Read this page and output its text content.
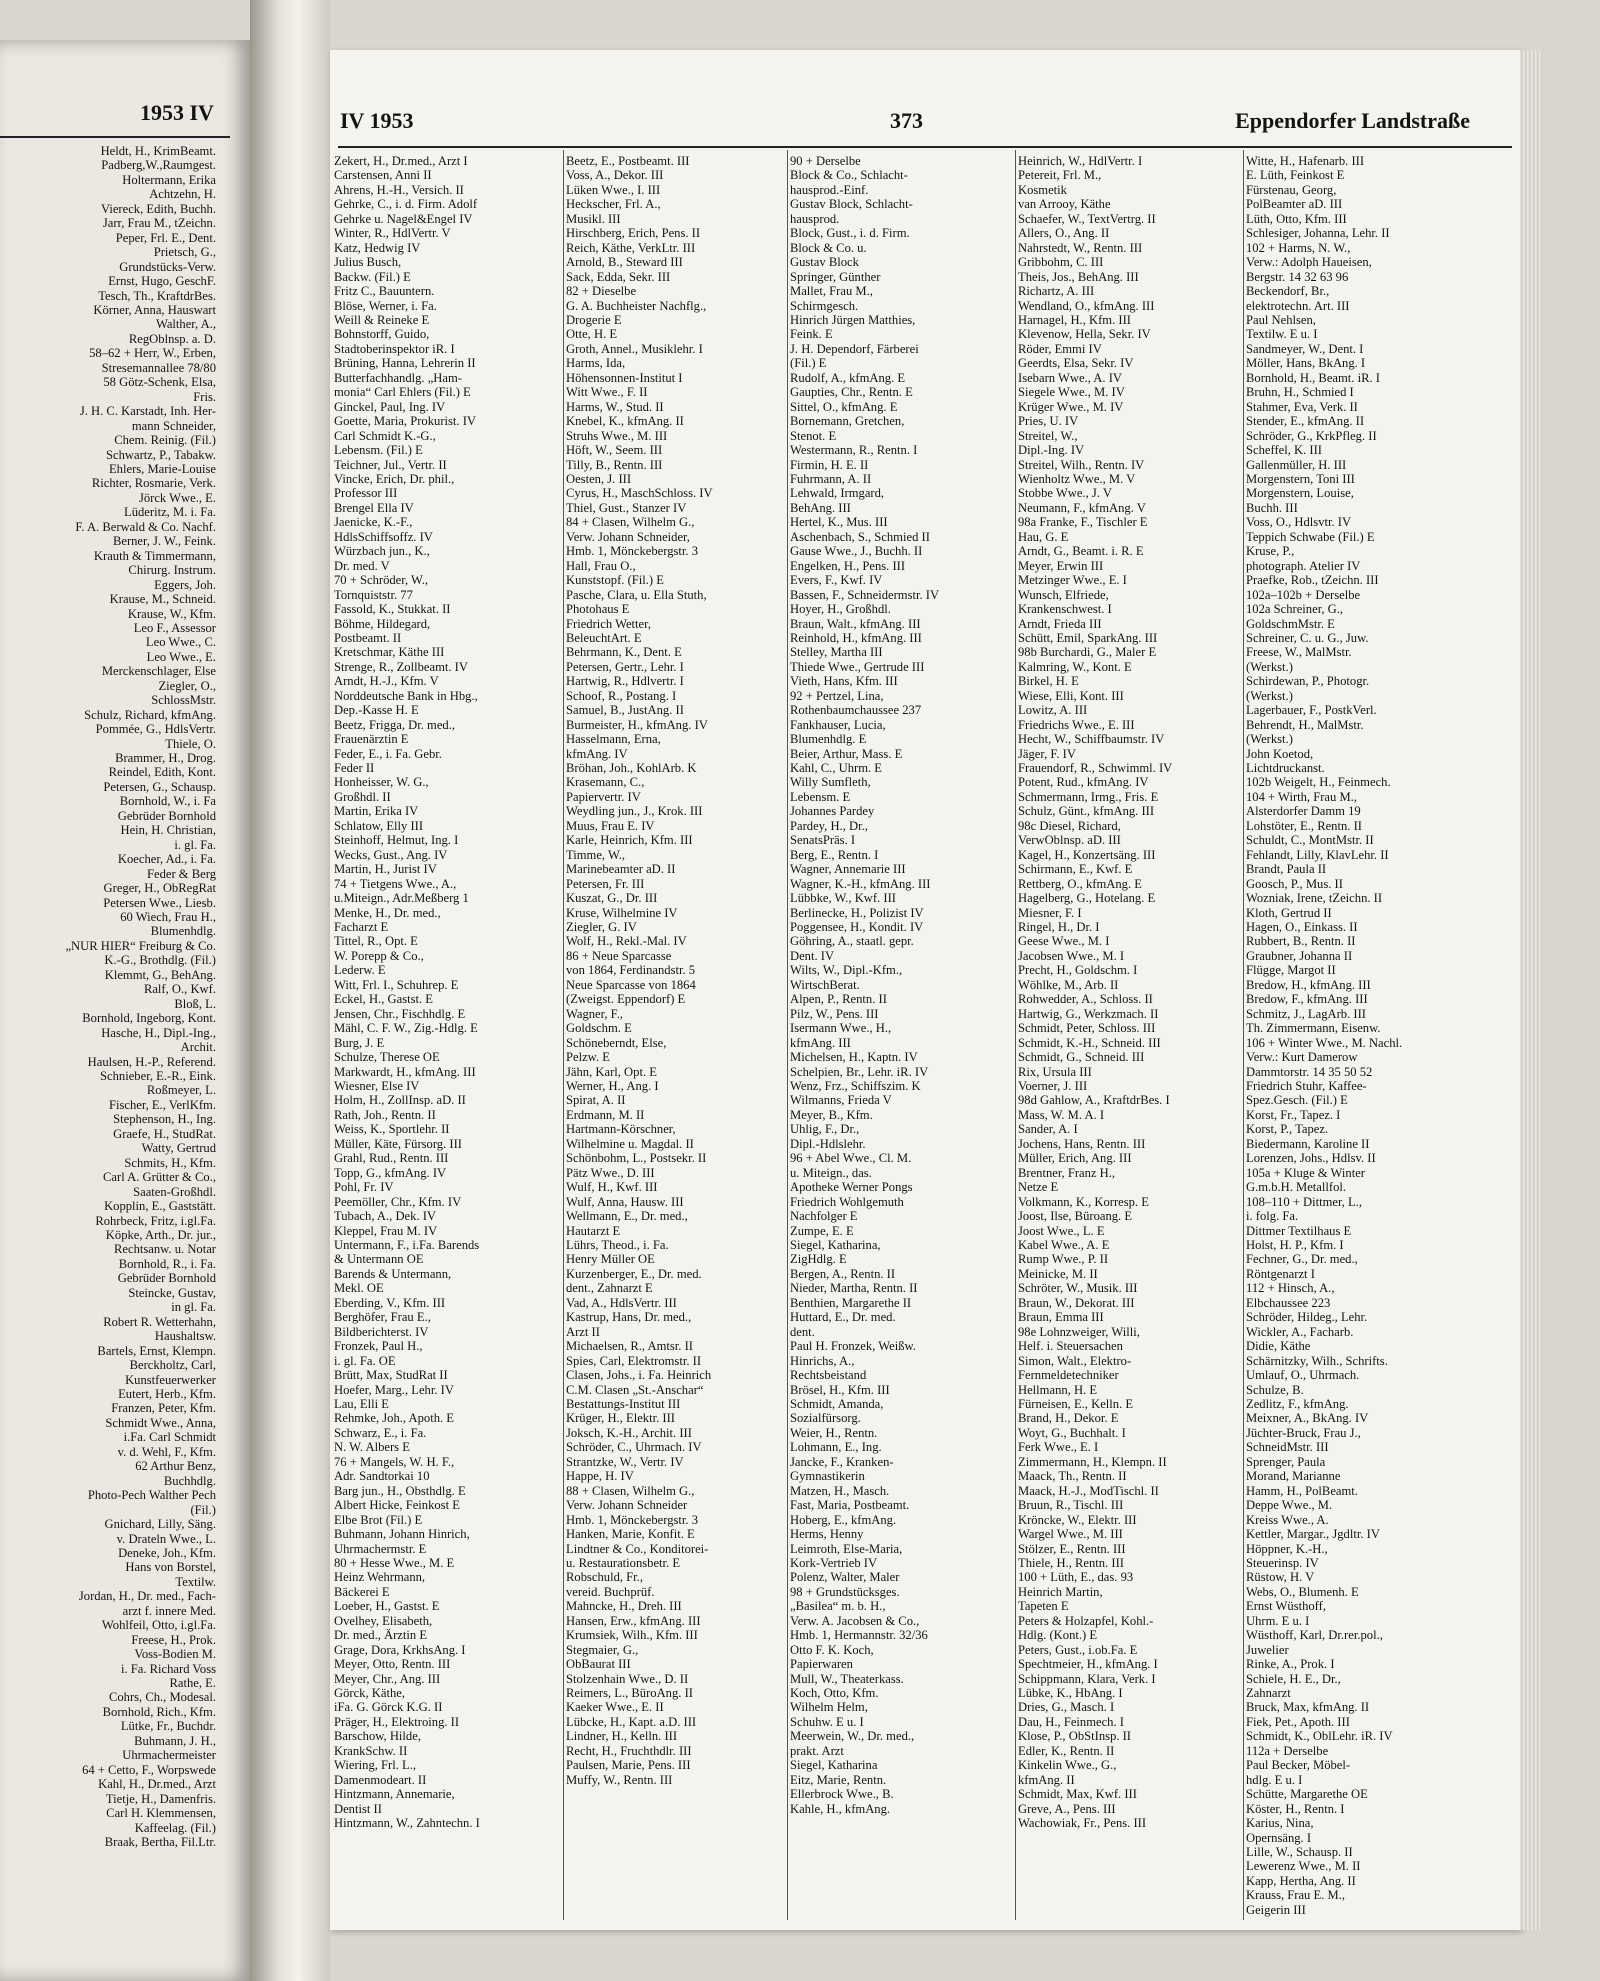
1953 IV
Heldt, H., KrimBeamt.
Padberg,W.,Raumgest.
Holtermann, Erika
Achtzehn, H.
Viereck, Edith, Buchh.
Jarr, Frau M., tZeichn.
Peper, Frl. E., Dent.
Prietsch, G.,
Grundstücks-Verw.
Ernst, Hugo, GeschF.
Tesch, Th., KraftdrBes.
Körner, Anna, Hauswart
Walther, A.,
RegOblnsp. a. D.
58–62 + Herr, W., Erben,
Stresemannallee 78/80
58 Götz-Schenk, Elsa,
Fris.
J. H. C. Karstadt, Inh. Her-
mann Schneider,
Chem. Reinig. (Fil.)
Schwartz, P., Tabakw.
Ehlers, Marie-Louise
Richter, Rosmarie, Verk.
Jörck Wwe., E.
Lüderitz, M. i. Fa.
F. A. Berwald & Co. Nachf.
Berner, J. W., Feink.
Krauth & Timmermann,
Chirurg. Instrum.
Eggers, Joh.
Krause, M., Schneid.
Krause, W., Kfm.
Leo F., Assessor
Leo Wwe., C.
Leo Wwe., E.
Merckenschlager, Else
Ziegler, O.,
SchlossMstr.
Schulz, Richard, kfmAng.
Pommée, G., HdlsVertr.
Thiele, O.
Brammer, H., Drog.
Reindel, Edith, Kont.
Petersen, G., Schausp.
Bornhold, W., i. Fa
Gebrüder Bornhold
Hein, H. Christian,
i. gl. Fa.
Koecher, Ad., i. Fa.
Feder & Berg
Greger, H., ObRegRat
Petersen Wwe., Liesb.
60 Wiech, Frau H.,
Blumenhdlg.
„NUR HIER“ Freiburg & Co.
K.-G., Brothdlg. (Fil.)
Klemmt, G., BehAng.
Ralf, O., Kwf.
Bloß, L.
Bornhold, Ingeborg, Kont.
Hasche, H., Dipl.-Ing.,
Archit.
Haulsen, H.-P., Referend.
Schnieber, E.-R., Eink.
Roßmeyer, L.
Fischer, E., VerlKfm.
Stephenson, H., Ing.
Graefe, H., StudRat.
Watty, Gertrud
Schmits, H., Kfm.
Carl A. Grütter & Co.,
Saaten-Großhdl.
Kopplin, E., Gaststätt.
Rohrbeck, Fritz, i.gl.Fa.
Köpke, Arth., Dr. jur.,
Rechtsanw. u. Notar
Bornhold, R., i. Fa.
Gebrüder Bornhold
Steincke, Gustav,
in gl. Fa.
Robert R. Wetterhahn,
Haushaltsw.
Bartels, Ernst, Klempn.
Berckholtz, Carl,
Kunstfeuerwerker
Eutert, Herb., Kfm.
Franzen, Peter, Kfm.
Schmidt Wwe., Anna,
i.Fa. Carl Schmidt
v. d. Wehl, F., Kfm.
62 Arthur Benz,
Buchhdlg.
Photo-Pech Walther Pech
(Fil.)
Gnichard, Lilly, Säng.
v. Drateln Wwe., L.
Deneke, Joh., Kfm.
Hans von Borstel,
Textilw.
Jordan, H., Dr. med., Fach-
arzt f. innere Med.
Wohlfeil, Otto, i.gl.Fa.
Freese, H., Prok.
Voss-Bodien M.
i. Fa. Richard Voss
Rathe, E.
Cohrs, Ch., Modesal.
Bornhold, Rich., Kfm.
Lütke, Fr., Buchdr.
Buhmann, J. H.,
Uhrmachermeister
64 + Cetto, F., Worpswede
Kahl, H., Dr.med., Arzt
Tietje, H., Damenfris.
Carl H. Klemmensen,
Kaffeelag. (Fil.)
Braak, Bertha, Fil.Ltr.
IV 1953	373	Eppendorfer Landstraße
Zekert, H., Dr.med., Arzt I
Carstensen, Anni II
Ahrens, H.-H., Versich. II
Gehrke, C., i. d. Firm. Adolf
Gehrke u. Nagel&Engel IV
Winter, R., HdlVertr. V
Katz, Hedwig IV
Julius Busch,
Backw. (Fil.) E
Fritz C., Bauuntern.
Blöse, Werner, i. Fa.
Weill & Reineke E
Bohnstorff, Guido,
Stadtoberinspektor iR. I
Brüning, Hanna, Lehrerin II
Butterfachhandlg. „Ham-
monia“ Carl Ehlers (Fil.) E
Ginckel, Paul, Ing. IV
Goette, Maria, Prokurist. IV
Carl Schmidt K.-G.,
Lebensm. (Fil.) E
Teichner, Jul., Vertr. II
Vincke, Erich, Dr. phil.,
Professor III
Brengel Ella IV
Jaenicke, K.-F.,
HdlsSchiffsoffz. IV
Würzbach jun., K.,
Dr. med. V
70 + Schröder, W.,
Tornquiststr. 77
Fassold, K., Stukkat. II
Böhme, Hildegard,
Postbeamt. II
Kretschmar, Käthe III
Strenge, R., Zollbeamt. IV
Arndt, H.-J., Kfm. V
Norddeutsche Bank in Hbg.,
Dep.-Kasse H. E
Beetz, Frigga, Dr. med.,
Frauenärztin E
Feder, E., i. Fa. Gebr.
Feder II
Honheisser, W. G.,
Großhdl. II
Martin, Erika IV
Schlatow, Elly III
Steinhoff, Helmut, Ing. I
Wecks, Gust., Ang. IV
Martin, H., Jurist IV
74 + Tietgens Wwe., A.,
u.Miteign., Adr.Meßberg 1
Menke, H., Dr. med.,
Facharzt E
Tittel, R., Opt. E
W. Porepp & Co.,
Lederw. E
Witt, Frl. I., Schuhrep. E
Eckel, H., Gastst. E
Jensen, Chr., Fischhdlg. E
Mähl, C. F. W., Zig.-Hdlg. E
Burg, J. E
Schulze, Therese OE
Markwardt, H., kfmAng. III
Wiesner, Else IV
Holm, H., ZollInsp. aD. II
Rath, Joh., Rentn. II
Weiss, K., Sportlehr. II
Müller, Käte, Fürsorg. III
Grahl, Rud., Rentn. III
Topp, G., kfmAng. IV
Pohl, Fr. IV
Peemöller, Chr., Kfm. IV
Tubach, A., Dek. IV
Kleppel, Frau M. IV
Untermann, F., i.Fa. Barends
& Untermann OE
Barends & Untermann,
Mekl. OE
Eberding, V., Kfm. III
Berghöfer, Frau E.,
Bildberichterst. IV
Fronzek, Paul H.,
i. gl. Fa. OE
Brütt, Max, StudRat II
Hoefer, Marg., Lehr. IV
Lau, Elli E
Rehmke, Joh., Apoth. E
Schwarz, E., i. Fa.
N. W. Albers E
76 + Mangels, W. H. F.,
Adr. Sandtorkai 10
Barg jun., H., Obsthdlg. E
Albert Hicke, Feinkost E
Elbe Brot (Fil.) E
Buhmann, Johann Hinrich,
Uhrmachermstr. E
80 + Hesse Wwe., M. E
Heinz Wehrmann,
Bäckerei E
Loeber, H., Gastst. E
Ovelhey, Elisabeth,
Dr. med., Ärztin E
Grage, Dora, KrkhsAng. I
Meyer, Otto, Rentn. III
Meyer, Chr., Ang. III
Görck, Käthe,
iFa. G. Görck K.G. II
Präger, H., Elektroing. II
Barschow, Hilde,
KrankSchw. II
Wiering, Frl. L.,
Damenmodeart. II
Hintzmann, Annemarie,
Dentist II
Hintzmann, W., Zahntechn. I
Beetz, E., Postbeamt. III
Voss, A., Dekor. III
Lüken Wwe., I. III
Heckscher, Frl. A.,
Musikl. III
Hirschberg, Erich, Pens. II
Reich, Käthe, VerkLtr. III
Arnold, B., Steward III
Sack, Edda, Sekr. III
82 + Dieselbe
G. A. Buchheister Nachflg.,
Drogerie E
Otte, H. E
Groth, Annel., Musiklehr. I
Harms, Ida,
Höhensonnen-Institut I
Witt Wwe., F. II
Harms, W., Stud. II
Knebel, K., kfmAng. II
Struhs Wwe., M. III
Höft, W., Seem. III
Tilly, B., Rentn. III
Oesten, J. III
Cyrus, H., MaschSchloss. IV
Thiel, Gust., Stanzer IV
84 + Clasen, Wilhelm G.,
Verw. Johann Schneider,
Hmb. 1, Mönckebergstr. 3
Hall, Frau O.,
Kunststopf. (Fil.) E
Pasche, Clara, u. Ella Stuth,
Photohaus E
Friedrich Wetter,
BeleuchtArt. E
Behrmann, K., Dent. E
Petersen, Gertr., Lehr. I
Hartwig, R., Hdlvertr. I
Schoof, R., Postang. I
Samuel, B., JustAng. II
Burmeister, H., kfmAng. IV
Hasselmann, Erna,
kfmAng. IV
Bröhan, Joh., KohlArb. K
Krasemann, C.,
Papiervertr. IV
Weydling jun., J., Krok. III
Muus, Frau E. IV
Karle, Heinrich, Kfm. III
Timme, W.,
Marinebeamter aD. II
Petersen, Fr. III
Kuszat, G., Dr. III
Kruse, Wilhelmine IV
Ziegler, G. IV
Wolf, H., Rekl.-Mal. IV
86 + Neue Sparcasse
von 1864, Ferdinandstr. 5
Neue Sparcasse von 1864
(Zweigst. Eppendorf) E
Wagner, F.,
Goldschm. E
Schöneberndt, Else,
Pelzw. E
Jähn, Karl, Opt. E
Werner, H., Ang. I
Spirat, A. II
Erdmann, M. II
Hartmann-Körschner,
Wilhelmine u. Magdal. II
Schönbohm, L., Postsekr. II
Pätz Wwe., D. III
Wulf, H., Kwf. III
Wulf, Anna, Hausw. III
Wellmann, E., Dr. med.,
Hautarzt E
Lührs, Theod., i. Fa.
Henry Müller OE
Kurzenberger, E., Dr. med.
dent., Zahnarzt E
Vad, A., HdlsVertr. III
Kastrup, Hans, Dr. med.,
Arzt II
Michaelsen, R., Amtsr. II
Spies, Carl, Elektromstr. II
Clasen, Johs., i. Fa. Heinrich
C.M. Clasen „St.-Anschar“
Bestattungs-Institut III
Krüger, H., Elektr. III
Joksch, K.-H., Archit. III
Schröder, C., Uhrmach. IV
Strantzke, W., Vertr. IV
Happe, H. IV
88 + Clasen, Wilhelm G.,
Verw. Johann Schneider
Hmb. 1, Mönckebergstr. 3
Hanken, Marie, Konfit. E
Lindtner & Co., Konditorei-
u. Restaurationsbetr. E
Robschuld, Fr.,
vereid. Buchprüf.
Mahncke, H., Dreh. III
Hansen, Erw., kfmAng. III
Krumsiek, Wilh., Kfm. III
Stegmaier, G.,
ObBaurat III
Stolzenhain Wwe., D. II
Reimers, L., BüroAng. II
Kaeker Wwe., E. II
Lübcke, H., Kapt. a.D. III
Lindner, H., Kelln. III
Recht, H., Fruchthdlr. III
Paulsen, Marie, Pens. III
Muffy, W., Rentn. III
90 + Derselbe
Block & Co., Schlacht-
hausprod.-Einf.
Gustav Block, Schlacht-
hausprod.
Block, Gust., i. d. Firm.
Block & Co. u.
Gustav Block
Springer, Günther
Mallet, Frau M.,
Schirmgesch.
Hinrich Jürgen Matthies,
Feink. E
J. H. Dependorf, Färberei
(Fil.) E
Rudolf, A., kfmAng. E
Gaupties, Chr., Rentn. E
Sittel, O., kfmAng. E
Bornemann, Gretchen,
Stenot. E
Westermann, R., Rentn. I
Firmin, H. E. II
Fuhrmann, A. II
Lehwald, Irmgard,
BehAng. III
Hertel, K., Mus. III
Aschenbach, S., Schmied II
Gause Wwe., J., Buchh. II
Engelken, H., Pens. III
Evers, F., Kwf. IV
Bassen, F., Schneidermstr. IV
Hoyer, H., Großhdl.
Braun, Walt., kfmAng. III
Reinhold, H., kfmAng. III
Stelley, Martha III
Thiede Wwe., Gertrude III
Vieth, Hans, Kfm. III
92 + Pertzel, Lina,
Rothenbaumchaussee 237
Fankhauser, Lucia,
Blumenhdlg. E
Beier, Arthur, Mass. E
Kahl, C., Uhrm. E
Willy Sumfleth,
Lebensm. E
Johannes Pardey
Pardey, H., Dr.,
SenatsPräs. I
Berg, E., Rentn. I
Wagner, Annemarie III
Wagner, K.-H., kfmAng. III
Lübbke, W., Kwf. III
Berlinecke, H., Polizist IV
Poggensee, H., Kondit. IV
Göhring, A., staatl. gepr.
Dent. IV
Wilts, W., Dipl.-Kfm.,
WirtschBerat.
Alpen, P., Rentn. II
Pilz, W., Pens. III
Isermann Wwe., H.,
kfmAng. III
Michelsen, H., Kaptn. IV
Schelpien, Br., Lehr. iR. IV
Wenz, Frz., Schiffszim. K
Wilmanns, Frieda V
Meyer, B., Kfm.
Uhlig, F., Dr.,
Dipl.-Hdlslehr.
96 + Abel Wwe., Cl. M.
u. Miteign., das.
Apotheke Werner Pongs
Friedrich Wohlgemuth
Nachfolger E
Zumpe, E. E
Siegel, Katharina,
ZigHdlg. E
Bergen, A., Rentn. II
Nieder, Martha, Rentn. II
Benthien, Margarethe II
Huttard, E., Dr. med.
dent.
Paul H. Fronzek, Weißw.
Hinrichs, A.,
Rechtsbeistand
Brösel, H., Kfm. III
Schmidt, Amanda,
Sozialfürsorg.
Weier, H., Rentn.
Lohmann, E., Ing.
Jancke, F., Kranken-
Gymnastikerin
Matzen, H., Masch.
Fast, Maria, Postbeamt.
Hoberg, E., kfmAng.
Herms, Henny
Leimroth, Else-Maria,
Kork-Vertrieb IV
Polenz, Walter, Maler
98 + Grundstücksges.
„Basilea“ m. b. H.,
Verw. A. Jacobsen & Co.,
Hmb. 1, Hermannstr. 32/36
Otto F. K. Koch,
Papierwaren
Mull, W., Theaterkass.
Koch, Otto, Kfm.
Wilhelm Helm,
Schuhw. E u. I
Meerwein, W., Dr. med.,
prakt. Arzt
Siegel, Katharina
Eitz, Marie, Rentn.
Ellerbrock Wwe., B.
Kahle, H., kfmAng.
Heinrich, W., HdlVertr. I
Petereit, Frl. M.,
Kosmetik
van Arrooy, Käthe
Schaefer, W., TextVertrg. II
Allers, O., Ang. II
Nahrstedt, W., Rentn. III
Gribbohm, C. III
Theis, Jos., BehAng. III
Richartz, A. III
Wendland, O., kfmAng. III
Harnagel, H., Kfm. III
Klevenow, Hella, Sekr. IV
Röder, Emmi IV
Geerdts, Elsa, Sekr. IV
Isebarn Wwe., A. IV
Siegele Wwe., M. IV
Krüger Wwe., M. IV
Pries, U. IV
Streitel, W.,
Dipl.-Ing. IV
Streitel, Wilh., Rentn. IV
Wienholtz Wwe., M. V
Stobbe Wwe., J. V
Neumann, F., kfmAng. V
98a Franke, F., Tischler E
Hau, G. E
Arndt, G., Beamt. i. R. E
Meyer, Erwin III
Metzinger Wwe., E. I
Wunsch, Elfriede,
Krankenschwest. I
Arndt, Frieda III
Schütt, Emil, SparkAng. III
98b Burchardi, G., Maler E
Kalmring, W., Kont. E
Birkel, H. E
Wiese, Elli, Kont. III
Lowitz, A. III
Friedrichs Wwe., E. III
Hecht, W., Schiffbaumstr. IV
Jäger, F. IV
Frauendorf, R., Schwimml. IV
Potent, Rud., kfmAng. IV
Schmermann, Irmg., Fris. E
Schulz, Günt., kfmAng. III
98c Diesel, Richard,
VerwOblnsp. aD. III
Kagel, H., Konzertsäng. III
Schirmann, E., Kwf. E
Rettberg, O., kfmAng. E
Hagelberg, G., Hotelang. E
Miesner, F. I
Ringel, H., Dr. I
Geese Wwe., M. I
Jacobsen Wwe., M. I
Precht, H., Goldschm. I
Wöhlke, M., Arb. II
Rohwedder, A., Schloss. II
Hartwig, G., Werkzmach. II
Schmidt, Peter, Schloss. III
Schmidt, K.-H., Schneid. III
Schmidt, G., Schneid. III
Rix, Ursula III
Voerner, J. III
98d Gahlow, A., KraftdrBes. I
Mass, W. M. A. I
Sander, A. I
Jochens, Hans, Rentn. III
Müller, Erich, Ang. III
Brentner, Franz H.,
Netze E
Volkmann, K., Korresp. E
Joost, Ilse, Büroang. E
Joost Wwe., L. E
Kabel Wwe., A. E
Rump Wwe., P. II
Meinicke, M. II
Schröter, W., Musik. III
Braun, W., Dekorat. III
Braun, Emma III
98e Lohnzweiger, Willi,
Helf. i. Steuersachen
Simon, Walt., Elektro-
Fernmeldetechniker
Hellmann, H. E
Fürneisen, E., Kelln. E
Brand, H., Dekor. E
Woyt, G., Buchhalt. I
Ferk Wwe., E. I
Zimmermann, H., Klempn. II
Maack, Th., Rentn. II
Maack, H.-J., ModTischl. II
Bruun, R., Tischl. III
Kröncke, W., Elektr. III
Wargel Wwe., M. III
Stölzer, E., Rentn. III
Thiele, H., Rentn. III
100 + Lüth, E., das. 93
Heinrich Martin,
Tapeten E
Peters & Holzapfel, Kohl.-
Hdlg. (Kont.) E
Peters, Gust., i.ob.Fa. E
Spechtmeier, H., kfmAng. I
Schippmann, Klara, Verk. I
Lübke, K., HbAng. I
Dries, G., Masch. I
Dau, H., Feinmech. I
Klose, P., ObStInsp. II
Edler, K., Rentn. II
Kinkelin Wwe., G.,
kfmAng. II
Schmidt, Max, Kwf. III
Greve, A., Pens. III
Wachowiak, Fr., Pens. III
Witte, H., Hafenarb. III
E. Lüth, Feinkost E
Fürstenau, Georg,
PolBeamter aD. III
Lüth, Otto, Kfm. III
Schlesiger, Johanna, Lehr. II
102 + Harms, N. W.,
Verw.: Adolph Haueisen,
Bergstr. 14 32 63 96
Beckendorf, Br.,
elektrotechn. Art. III
Paul Nehlsen,
Textilw. E u. I
Sandmeyer, W., Dent. I
Möller, Hans, BkAng. I
Bornhold, H., Beamt. iR. I
Bruhn, H., Schmied I
Stahmer, Eva, Verk. II
Stender, E., kfmAng. II
Schröder, G., KrkPfleg. II
Scheffel, K. III
Gallenmüller, H. III
Morgenstern, Toni III
Morgenstern, Louise,
Buchh. III
Voss, O., Hdlsvtr. IV
Teppich Schwabe (Fil.) E
Kruse, P.,
photograph. Atelier IV
Praefke, Rob., tZeichn. III
102a–102b + Derselbe
102a Schreiner, G.,
GoldschmMstr. E
Schreiner, C. u. G., Juw.
Freese, W., MalMstr.
(Werkst.)
Schirdewan, P., Photogr.
(Werkst.)
Lagerbauer, F., PostkVerl.
Behrendt, H., MalMstr.
(Werkst.)
John Koetod,
Lichtdruckanst.
102b Weigelt, H., Feinmech.
104 + Wirth, Frau M.,
Alsterdorfer Damm 19
Lohstöter, E., Rentn. II
Schuldt, C., MontMstr. II
Fehlandt, Lilly, KlavLehr. II
Brandt, Paula II
Goosch, P., Mus. II
Wozniak, Irene, tZeichn. II
Kloth, Gertrud II
Hagen, O., Einkass. II
Rubbert, B., Rentn. II
Graubner, Johanna II
Flügge, Margot II
Bredow, H., kfmAng. III
Bredow, F., kfmAng. III
Schmitz, J., LagArb. III
Th. Zimmermann, Eisenw.
106 + Winter Wwe., M. Nachl.
Verw.: Kurt Damerow
Dammtorstr. 14 35 50 52
Friedrich Stuhr, Kaffee-
Spez.Gesch. (Fil.) E
Korst, Fr., Tapez. I
Korst, P., Tapez.
Biedermann, Karoline II
Lorenzen, Johs., Hdlsv. II
105a + Kluge & Winter
G.m.b.H. Metallfol.
108–110 + Dittmer, L.,
i. folg. Fa.
Dittmer Textilhaus E
Holst, H. P., Kfm. I
Fechner, G., Dr. med.,
Röntgenarzt I
112 + Hinsch, A.,
Elbchaussee 223
Schröder, Hildeg., Lehr.
Wickler, A., Facharb.
Didie, Käthe
Schärnitzky, Wilh., Schrifts.
Umlauf, O., Uhrmach.
Schulze, B.
Zedlitz, F., kfmAng.
Meixner, A., BkAng. IV
Jüchter-Bruck, Frau J.,
SchneidMstr. III
Sprenger, Paula
Morand, Marianne
Hamm, H., PolBeamt.
Deppe Wwe., M.
Kreiss Wwe., A.
Kettler, Margar., Jgdltr. IV
Höppner, K.-H.,
Steuerinsp. IV
Rüstow, H. V
Webs, O., Blumenh. E
Ernst Wüsthoff,
Uhrm. E u. I
Wüsthoff, Karl, Dr.rer.pol.,
Juwelier
Rinke, A., Prok. I
Schiele, H. E., Dr.,
Zahnarzt
Bruck, Max, kfmAng. II
Fiek, Pet., Apoth. III
Schmidt, K., OblLehr. iR. IV
112a + Derselbe
Paul Becker, Möbel-
hdlg. E u. I
Schütte, Margarethe OE
Köster, H., Rentn. I
Karius, Nina,
Opernsäng. I
Lille, W., Schausp. II
Lewerenz Wwe., M. II
Kapp, Hertha, Ang. II
Krauss, Frau E. M.,
Geigerin III
